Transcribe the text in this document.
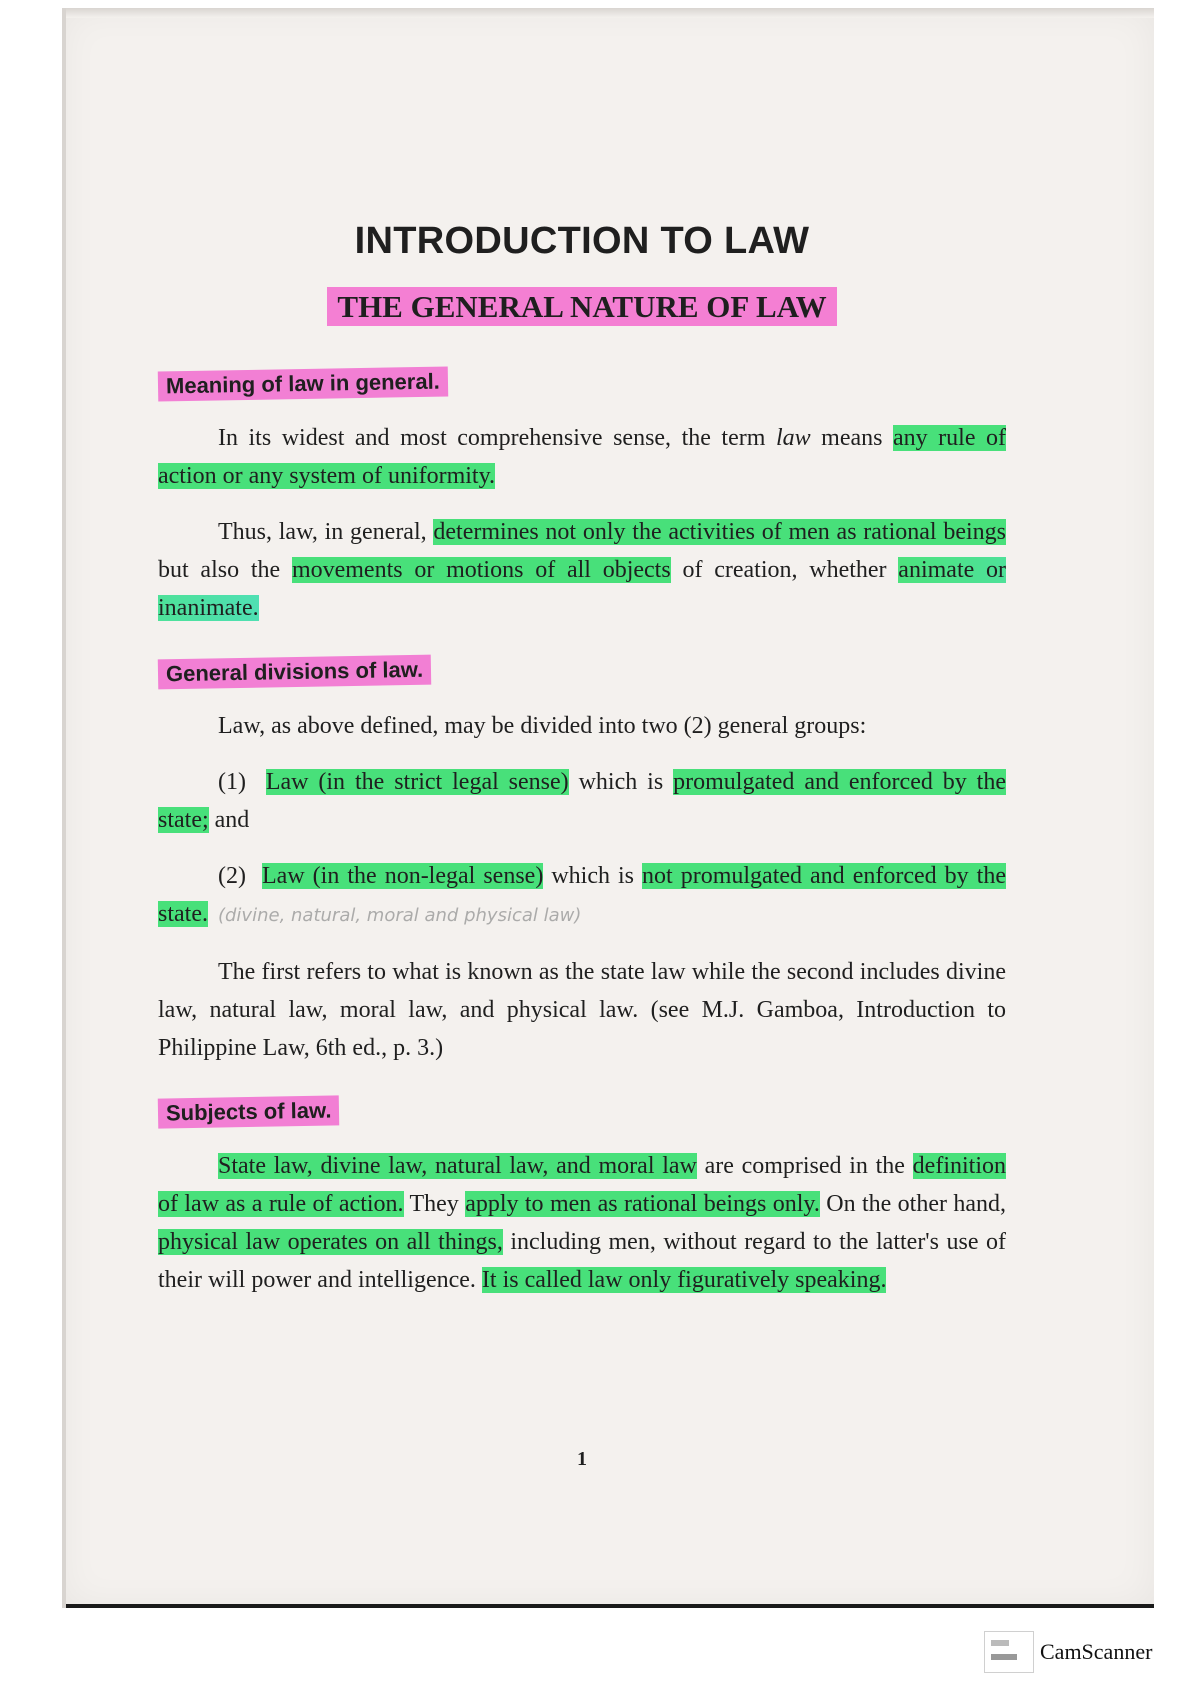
INTRODUCTION TO LAW
THE GENERAL NATURE OF LAW
Meaning of law in general.

In its widest and most comprehensive sense, the term law means any rule of action or any system of uniformity.

Thus, law, in general, determines not only the activities of men as rational beings but also the movements or motions of all objects of creation, whether animate or inanimate.

General divisions of law.

Law, as above defined, may be divided into two (2) general groups:

(1) Law (in the strict legal sense) which is promulgated and enforced by the state; and

(2) Law (in the non-legal sense) which is not promulgated and enforced by the state. (divine, natural, moral and physical law)

The first refers to what is known as the state law while the second includes divine law, natural law, moral law, and physical law. (see M.J. Gamboa, Introduction to Philippine Law, 6th ed., p. 3.)

Subjects of law.

State law, divine law, natural law, and moral law are comprised in the definition of law as a rule of action. They apply to men as rational beings only. On the other hand, physical law operates on all things, including men, without regard to the latter's use of their will power and intelligence. It is called law only figuratively speaking.

1
CamScanner
